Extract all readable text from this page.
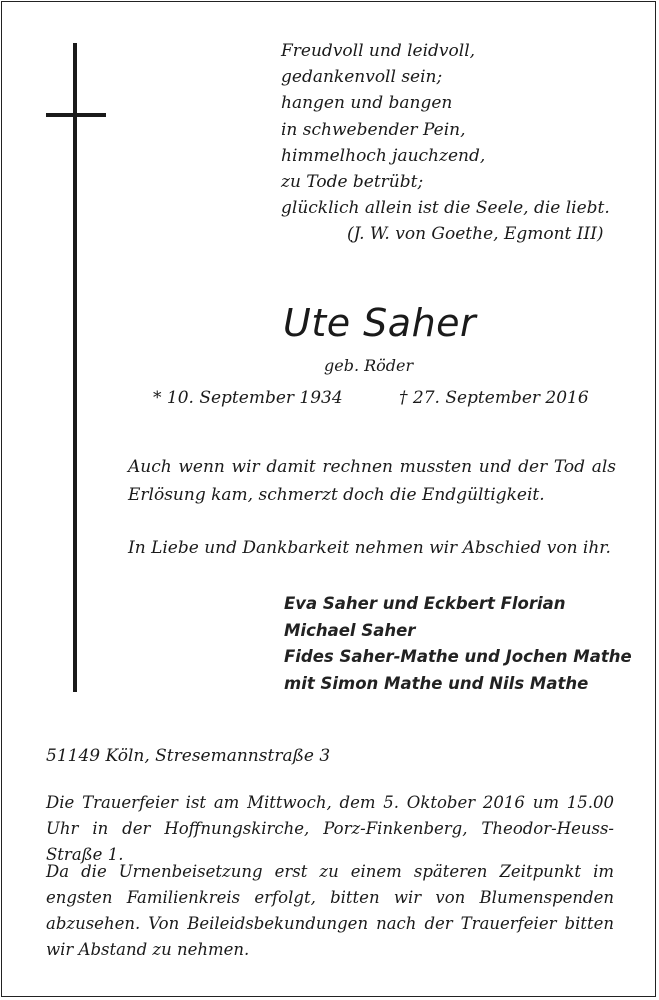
Freudvoll und leidvoll,
gedankenvoll sein;
hangen und bangen
in schwebender Pein,
himmelhoch jauchzend,
zu Tode betrübt;
glücklich allein ist die Seele, die liebt.
(J. W. von Goethe, Egmont III)
Ute Saher
geb. Röder
* 10. September 1934	† 27. September 2016
Auch wenn wir damit rechnen mussten und der Tod als Erlösung kam, schmerzt doch die Endgültigkeit.
In Liebe und Dankbarkeit nehmen wir Abschied von ihr.
Eva Saher und Eckbert Florian
Michael Saher
Fides Saher-Mathe und Jochen Mathe
mit Simon Mathe und Nils Mathe
51149 Köln, Stresemannstraße 3
Die Trauerfeier ist am Mittwoch, dem 5. Oktober 2016 um 15.00 Uhr in der Hoffnungskirche, Porz-Finkenberg, Theodor-Heuss-Straße 1.
Da die Urnenbeisetzung erst zu einem späteren Zeitpunkt im engsten Familienkreis erfolgt, bitten wir von Blumenspenden abzusehen. Von Beileidsbekundungen nach der Trauerfeier bitten wir Abstand zu nehmen.
